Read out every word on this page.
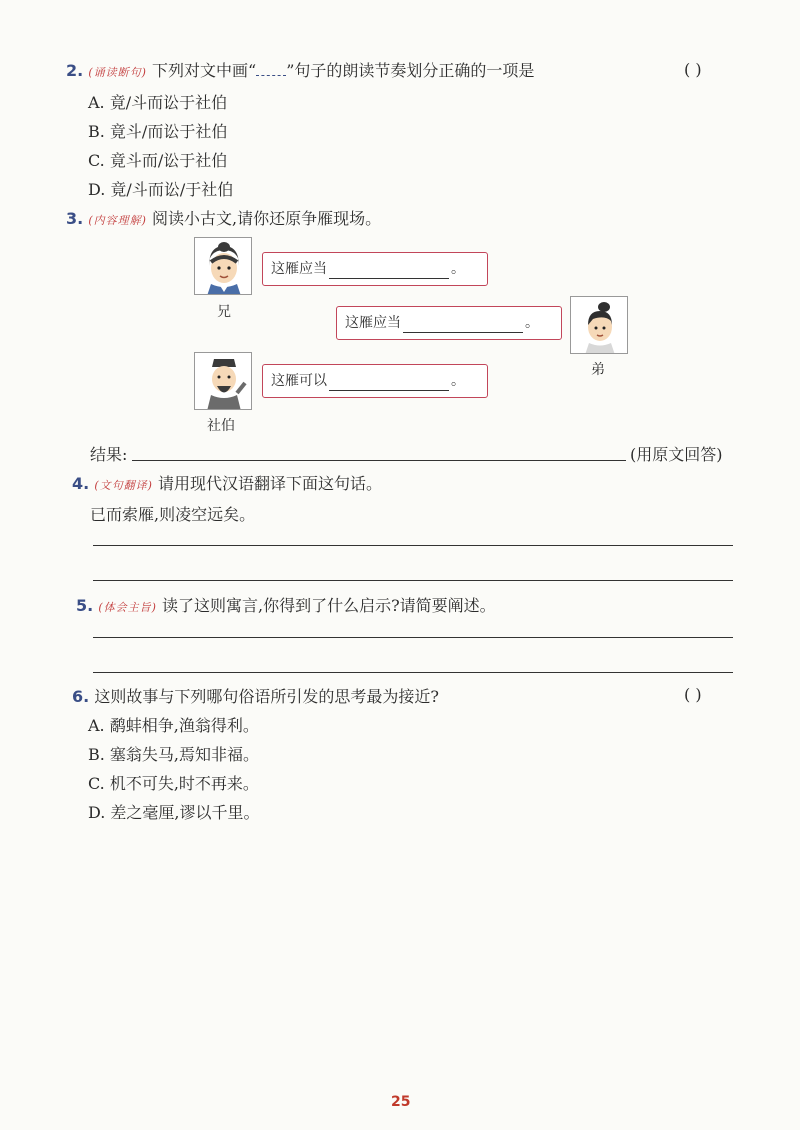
2. (诵读断句) 下列对文中画“ ”句子的朗读节奏划分正确的一项是	( )
A. 竟/斗而讼于社伯
B. 竟斗/而讼于社伯
C. 竟斗而/讼于社伯
D. 竟/斗而讼/于社伯
3. (内容理解) 阅读小古文,请你还原争雁现场。
兄
这雁应当	。
这雁应当	。
弟
社伯
这雁可以	。
结果:	(用原文回答)
4. (文句翻译) 请用现代汉语翻译下面这句话。
已而索雁,则凌空远矣。
5. (体会主旨) 读了这则寓言,你得到了什么启示?请简要阐述。
6. 这则故事与下列哪句俗语所引发的思考最为接近?	( )
A. 鹬蚌相争,渔翁得利。
B. 塞翁失马,焉知非福。
C. 机不可失,时不再来。
D. 差之毫厘,谬以千里。
25
